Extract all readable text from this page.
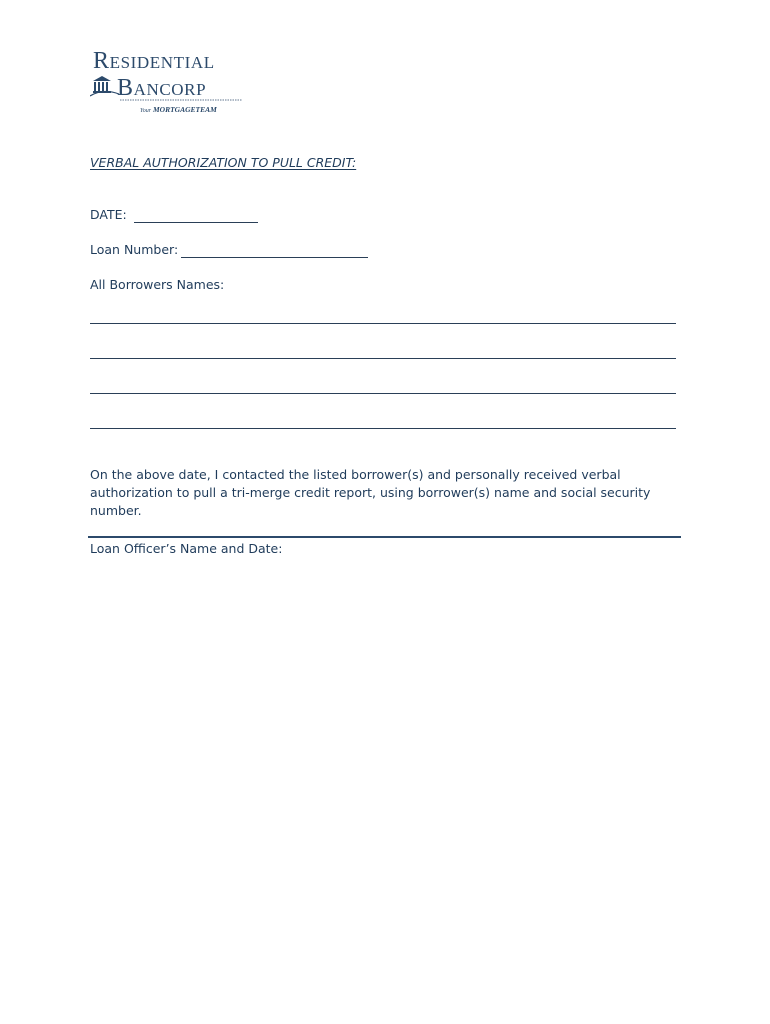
RESIDENTIAL
BANCORP
Your MORTGAGETEAM
VERBAL AUTHORIZATION TO PULL CREDIT:
DATE:
Loan Number:
All Borrowers Names:
On the above date, I contacted the listed borrower(s) and personally received verbal authorization to pull a tri-merge credit report, using borrower(s) name and social security number.
Loan Officer’s Name and Date:
